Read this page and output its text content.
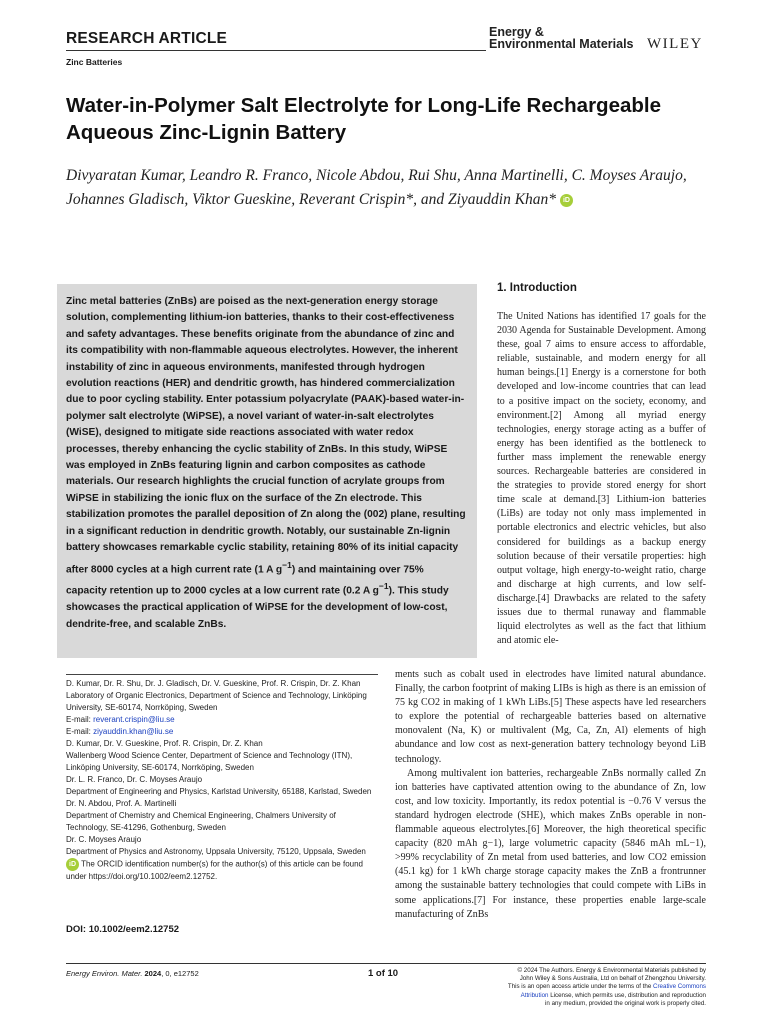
RESEARCH ARTICLE	Energy &
Environmental Materials WILEY
Zinc Batteries
Water-in-Polymer Salt Electrolyte for Long-Life Rechargeable Aqueous Zinc-Lignin Battery
Divyaratan Kumar, Leandro R. Franco, Nicole Abdou, Rui Shu, Anna Martinelli, C. Moyses Araujo, Johannes Gladisch, Viktor Gueskine, Reverant Crispin*, and Ziyauddin Khan* iD
Zinc metal batteries (ZnBs) are poised as the next-generation energy storage solution, complementing lithium-ion batteries, thanks to their cost-effectiveness and safety advantages. These benefits originate from the abundance of zinc and its compatibility with non-flammable aqueous electrolytes. However, the inherent instability of zinc in aqueous environments, manifested through hydrogen evolution reactions (HER) and dendritic growth, has hindered commercialization due to poor cycling stability. Enter potassium polyacrylate (PAAK)-based water-in-polymer salt electrolyte (WiPSE), a novel variant of water-in-salt electrolytes (WiSE), designed to mitigate side reactions associated with water redox processes, thereby enhancing the cyclic stability of ZnBs. In this study, WiPSE was employed in ZnBs featuring lignin and carbon composites as cathode materials. Our research highlights the crucial function of acrylate groups from WiPSE in stabilizing the ionic flux on the surface of the Zn electrode. This stabilization promotes the parallel deposition of Zn along the (002) plane, resulting in a significant reduction in dendritic growth. Notably, our sustainable Zn-lignin battery showcases remarkable cyclic stability, retaining 80% of its initial capacity after 8000 cycles at a high current rate (1 A $g^{-1}$) and maintaining over 75% capacity retention up to 2000 cycles at a low current rate (0.2 A $g^{-1}$). This study showcases the practical application of WiPSE for the development of low-cost, dendrite-free, and scalable ZnBs.
D. Kumar, Dr. R. Shu, Dr. J. Gladisch, Dr. V. Gueskine, Prof. R. Crispin, Dr. Z. Khan
Laboratory of Organic Electronics, Department of Science and Technology, Linköping University, SE-60174, Norrköping, Sweden
E-mail: reverant.crispin@liu.se
E-mail: ziyauddin.khan@liu.se
D. Kumar, Dr. V. Gueskine, Prof. R. Crispin, Dr. Z. Khan
Wallenberg Wood Science Center, Department of Science and Technology (ITN), Linköping University, SE-60174, Norrköping, Sweden
Dr. L. R. Franco, Dr. C. Moyses Araujo
Department of Engineering and Physics, Karlstad University, 65188, Karlstad, Sweden
Dr. N. Abdou, Prof. A. Martinelli
Department of Chemistry and Chemical Engineering, Chalmers University of Technology, SE-41296, Gothenburg, Sweden
Dr. C. Moyses Araujo
Department of Physics and Astronomy, Uppsala University, 75120, Uppsala, Sweden
iD The ORCID identification number(s) for the author(s) of this article can be found under https://doi.org/10.1002/eem2.12752.
DOI: 10.1002/eem2.12752
1. Introduction

The United Nations has identified 17 goals for the 2030 Agenda for Sustainable Development. Among these, goal 7 aims to ensure access to affordable, reliable, sustainable, and modern energy for all human beings.[1] Energy is a cornerstone for both developed and low-income countries that can lead to a positive impact on the society, economy, and environment.[2] Among all myriad energy technologies, energy storage acting as a buffer of energy has been identified as the bottleneck to further mass implement the renewable energy sources. Rechargeable batteries are considered in the strategies to provide stored energy for short time scale at demand.[3] Lithium-ion batteries (LiBs) are today not only mass implemented in portable electronics and electric vehicles, but also considered for buildings as a backup energy solution because of their versatile properties: high output voltage, high energy-to-weight ratio, charge and discharge at high currents, and low self-discharge.[4] Drawbacks are related to the safety issues due to thermal runaway and flammable liquid electrolytes as well as the fact that lithium and atomic ele-

ments such as cobalt used in electrodes have limited natural abundance. Finally, the carbon footprint of making LIBs is high as there is an emission of 75 kg CO2 in making of 1 kWh LiBs.[5] These aspects have led researchers to explore the potential of rechargeable batteries based on alternative monovalent (Na, K) or multivalent (Mg, Ca, Zn, Al) elements of high abundance and low cost as next-generation battery technology beyond LiB technology.

Among multivalent ion batteries, rechargeable ZnBs normally called Zn ion batteries have captivated attention owing to the abundance of Zn, low cost, and low toxicity. Importantly, its redox potential is −0.76 V versus the standard hydrogen electrode (SHE), which makes ZnBs operable in non-flammable aqueous electrolytes.[6] Moreover, the high theoretical specific capacity (820 mAh g−1), large volumetric capacity (5846 mAh mL−1), >99% recyclability of Zn metal from used batteries, and low CO2 emission (45.1 kg) for 1 kWh charge storage capacity makes the ZnB a frontrunner among the sustainable battery technologies that could compete with LiBs in some applications.[7] For instance, these properties enable large-scale manufacturing of ZnBs

Energy Environ. Mater. 2024, 0, e12752	1 of 10	© 2024 The Authors. Energy & Environmental Materials published by
John Wiley & Sons Australia, Ltd on behalf of Zhengzhou University.
This is an open access article under the terms of the Creative Commons
Attribution License, which permits use, distribution and reproduction
in any medium, provided the original work is properly cited.
